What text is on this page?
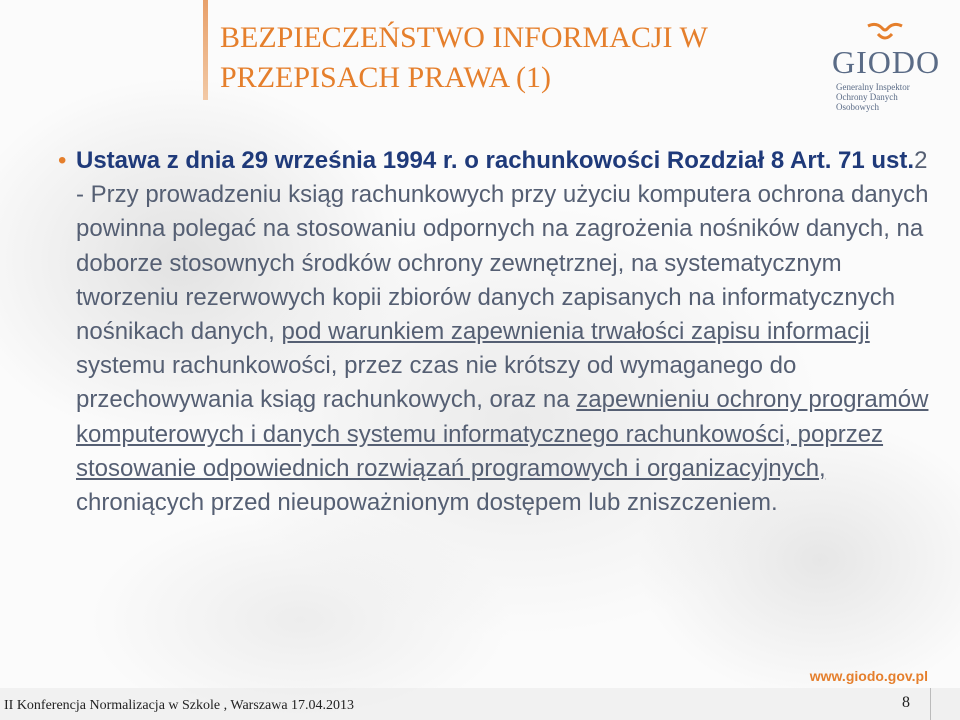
BEZPIECZEŃSTWO INFORMACJI W PRZEPISACH PRAWA (1)	GIODO
Generalny Inspektor
Ochrony Danych Osobowych
• Ustawa z dnia 29 września 1994 r. o rachunkowości Rozdział 8 Art. 71 ust.2 - Przy prowadzeniu ksiąg rachunkowych przy użyciu komputera ochrona danych powinna polegać na stosowaniu odpornych na zagrożenia nośników danych, na doborze stosownych środków ochrony zewnętrznej, na systematycznym tworzeniu rezerwowych kopii zbiorów danych zapisanych na informatycznych nośnikach danych, pod warunkiem zapewnienia trwałości zapisu informacji systemu rachunkowości, przez czas nie krótszy od wymaganego do przechowywania ksiąg rachunkowych, oraz na zapewnieniu ochrony programów komputerowych i danych systemu informatycznego rachunkowości, poprzez stosowanie odpowiednich rozwiązań programowych i organizacyjnych, chroniących przed nieupoważnionym dostępem lub zniszczeniem.
www.giodo.gov.pl
II Konferencja Normalizacja w Szkole , Warszawa 17.04.2013	8
